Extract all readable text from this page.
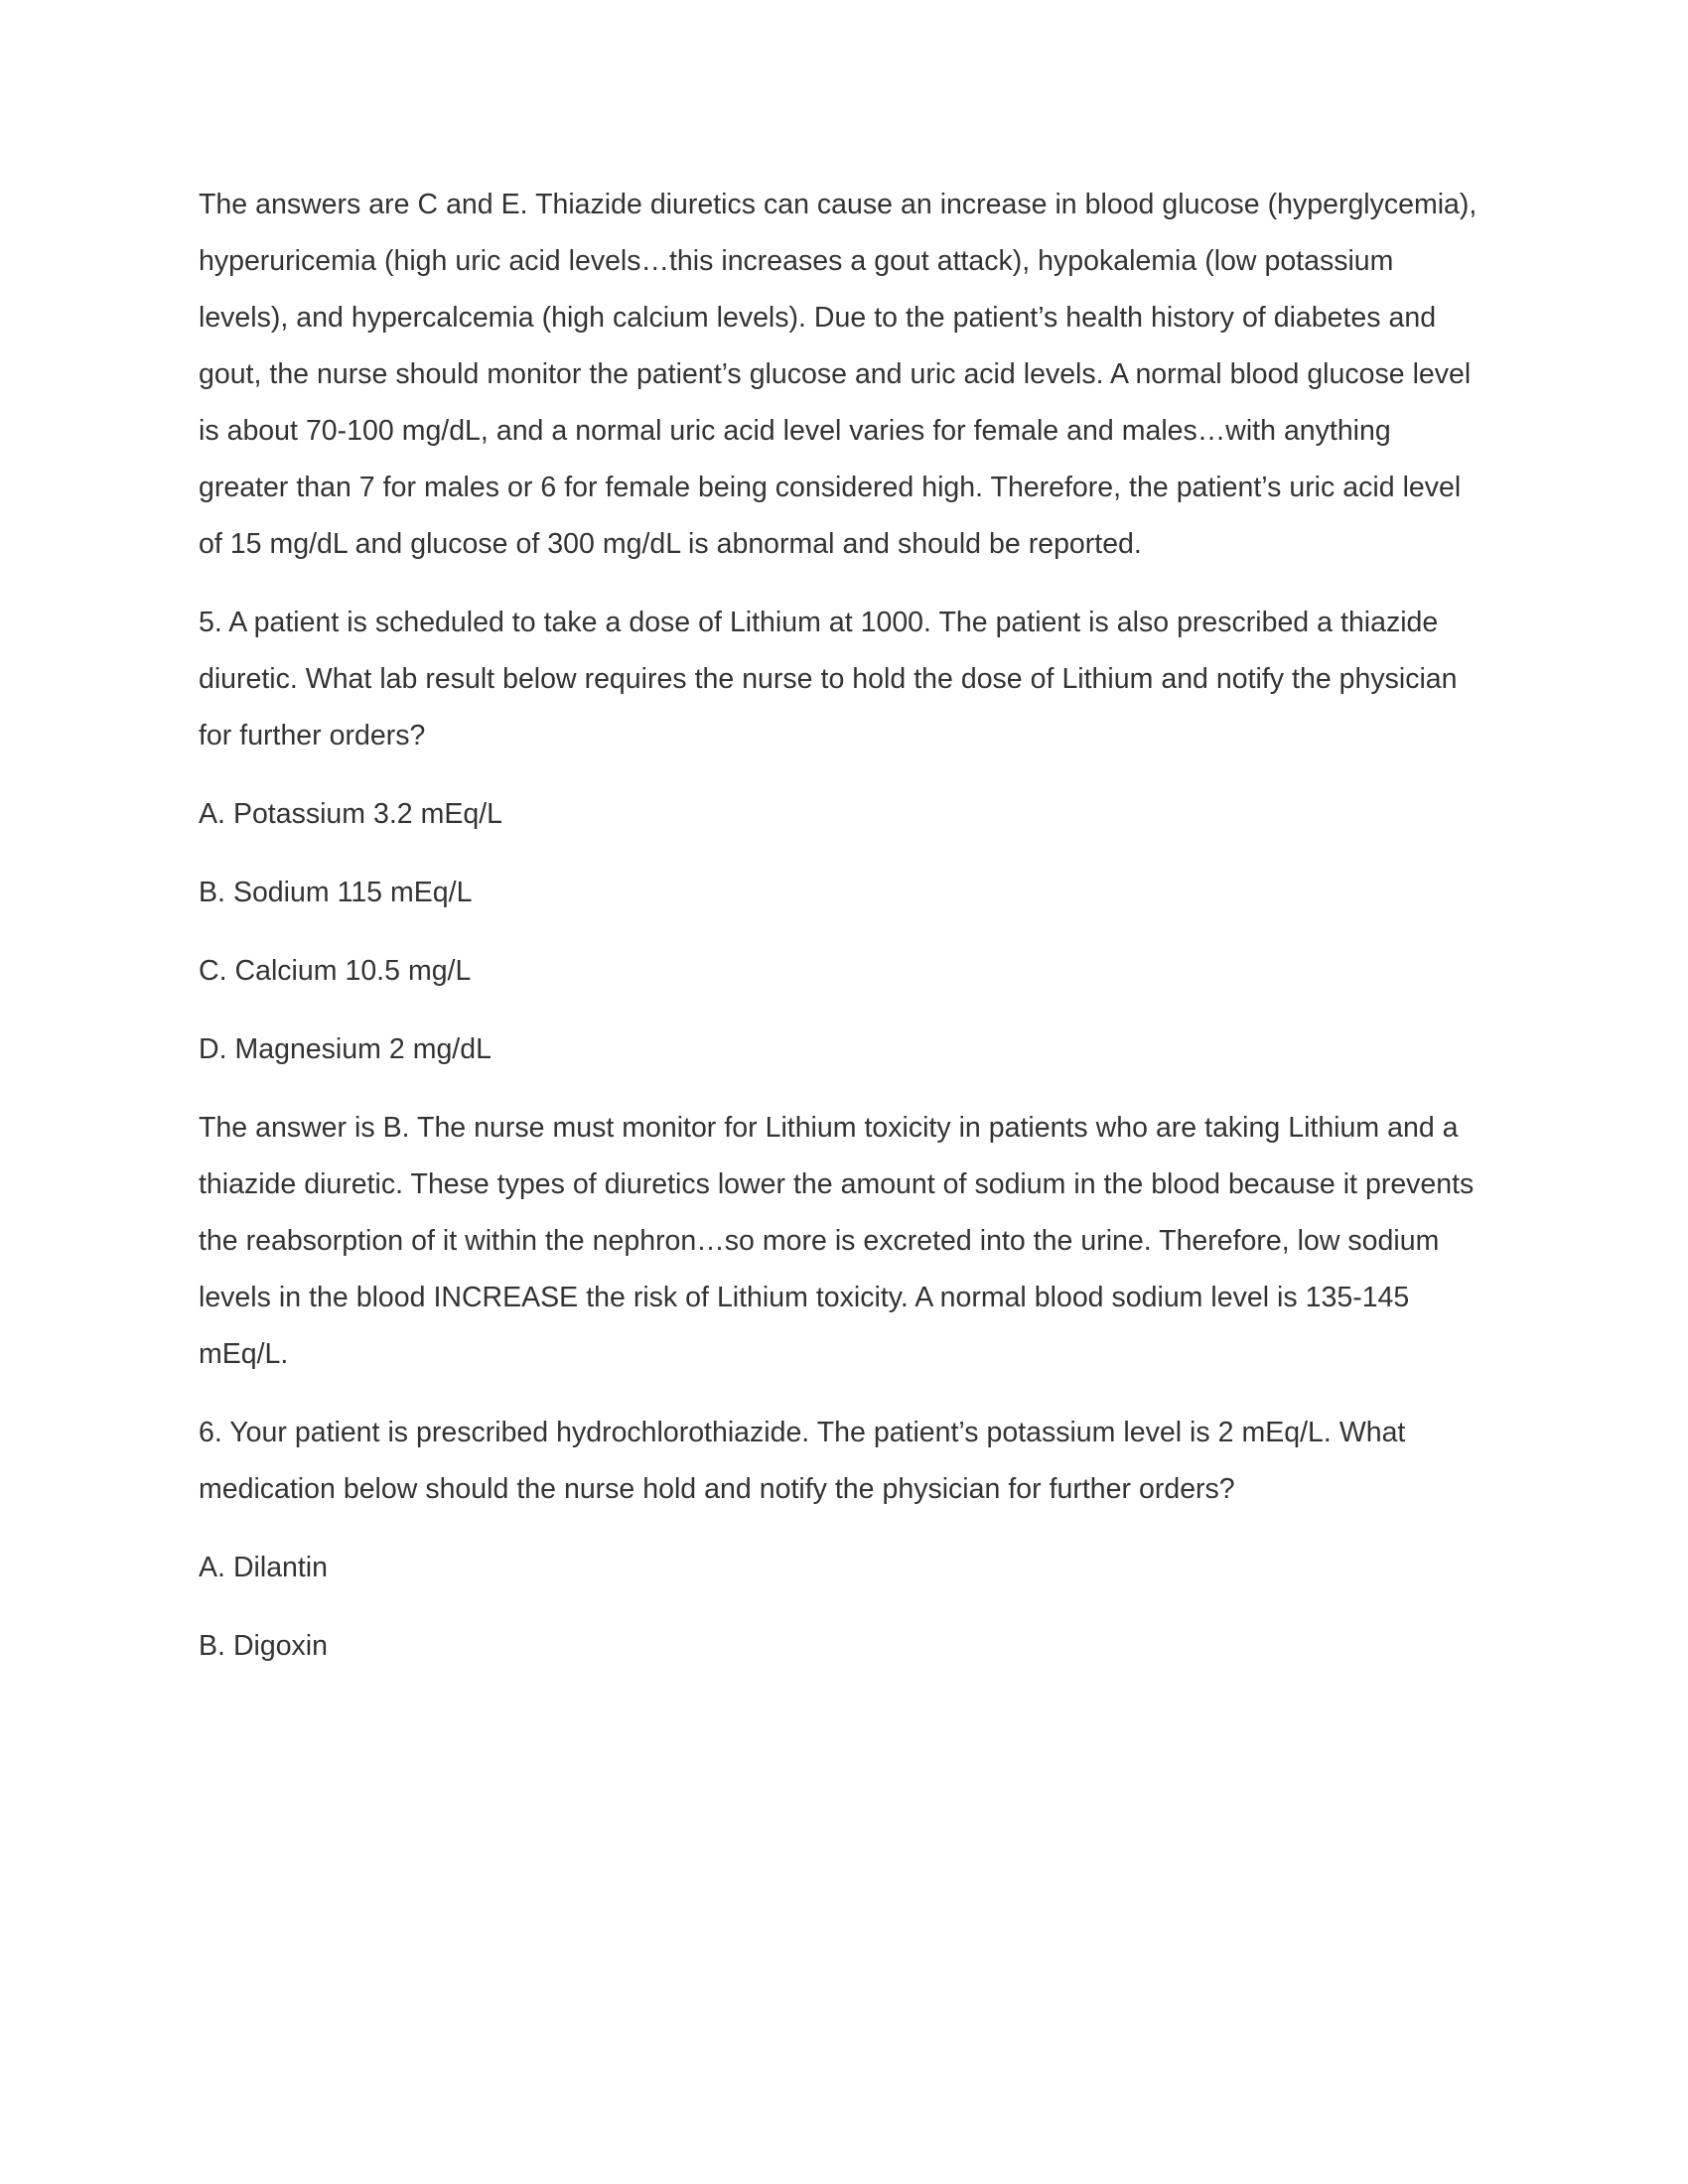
The answers are C and E. Thiazide diuretics can cause an increase in blood glucose (hyperglycemia), hyperuricemia (high uric acid levels…this increases a gout attack), hypokalemia (low potassium levels), and hypercalcemia (high calcium levels). Due to the patient’s health history of diabetes and gout, the nurse should monitor the patient’s glucose and uric acid levels. A normal blood glucose level is about 70-100 mg/dL, and a normal uric acid level varies for female and males…with anything greater than 7 for males or 6 for female being considered high. Therefore, the patient’s uric acid level of 15 mg/dL and glucose of 300 mg/dL is abnormal and should be reported.

5. A patient is scheduled to take a dose of Lithium at 1000. The patient is also prescribed a thiazide diuretic. What lab result below requires the nurse to hold the dose of Lithium and notify the physician for further orders?

A. Potassium 3.2 mEq/L

B. Sodium 115 mEq/L

C. Calcium 10.5 mg/L

D. Magnesium 2 mg/dL

The answer is B. The nurse must monitor for Lithium toxicity in patients who are taking Lithium and a thiazide diuretic. These types of diuretics lower the amount of sodium in the blood because it prevents the reabsorption of it within the nephron…so more is excreted into the urine. Therefore, low sodium levels in the blood INCREASE the risk of Lithium toxicity. A normal blood sodium level is 135-145 mEq/L.

6. Your patient is prescribed hydrochlorothiazide. The patient’s potassium level is 2 mEq/L. What medication below should the nurse hold and notify the physician for further orders?

A. Dilantin

B. Digoxin
